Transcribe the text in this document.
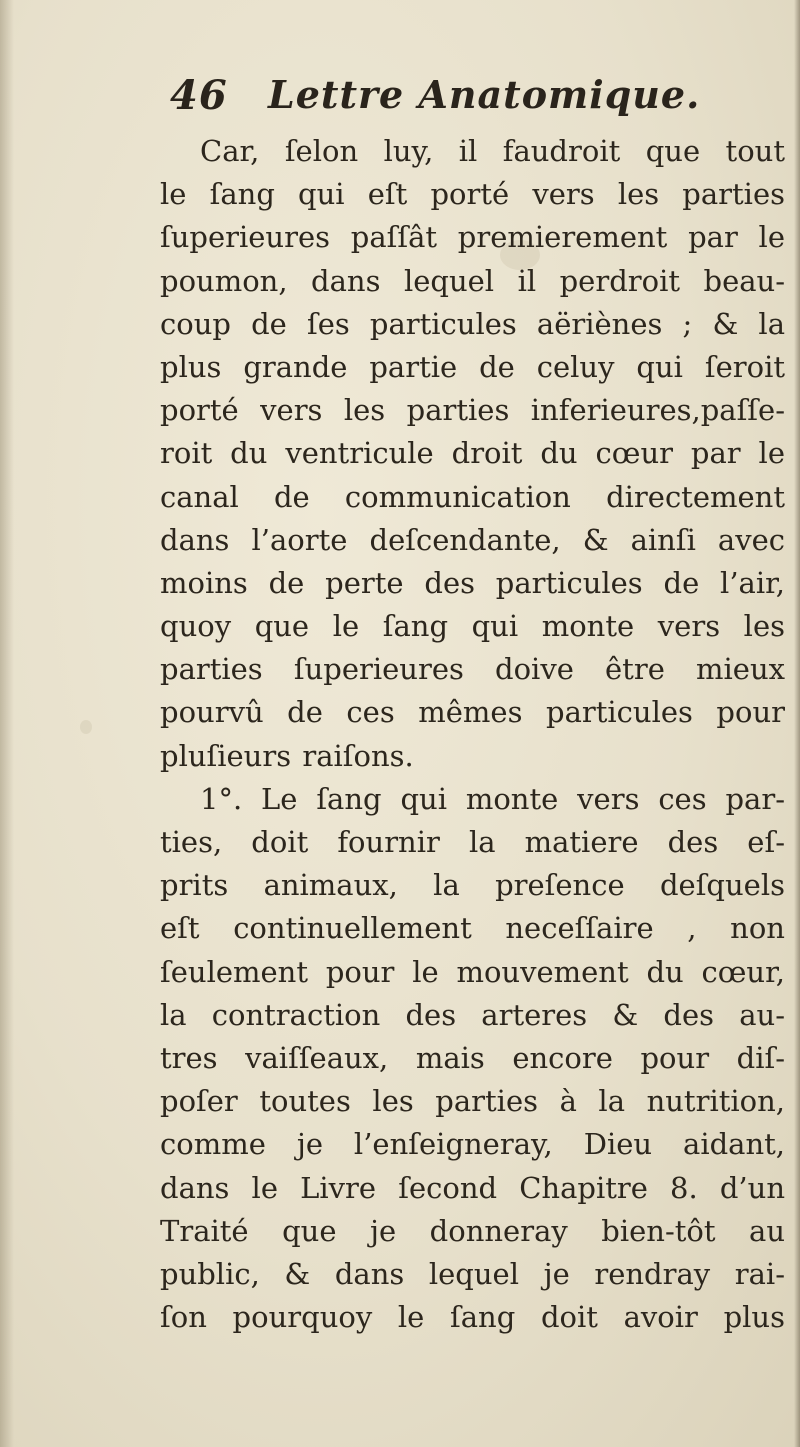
46 Lettre Anatomique.
Car, ſelon luy, il faudroit que tout
le ſang qui eſt porté vers les parties
ſuperieures paſſât premierement par le
poumon, dans lequel il perdroit beau-
coup de ſes particules aëriènes ; & la
plus grande partie de celuy qui ſeroit
porté vers les parties inferieures,paſſe-
roit du ventricule droit du cœur par le
canal de communication directement
dans l’aorte deſcendante, & ainſi avec
moins de perte des particules de l’air,
quoy que le ſang qui monte vers les
parties ſuperieures doive être mieux
pourvû de ces mêmes particules pour
pluſieurs raiſons.
1°. Le ſang qui monte vers ces par-
ties, doit fournir la matiere des eſ-
prits animaux, la preſence deſquels
eſt continuellement neceſſaire , non
ſeulement pour le mouvement du cœur,
la contraction des arteres & des au-
tres vaiſſeaux, mais encore pour diſ-
poſer toutes les parties à la nutrition,
comme je l’enſeigneray, Dieu aidant,
dans le Livre ſecond Chapitre 8. d’un
Traité que je donneray bien-tôt au
public, & dans lequel je rendray rai-
ſon pourquoy le ſang doit avoir plus
